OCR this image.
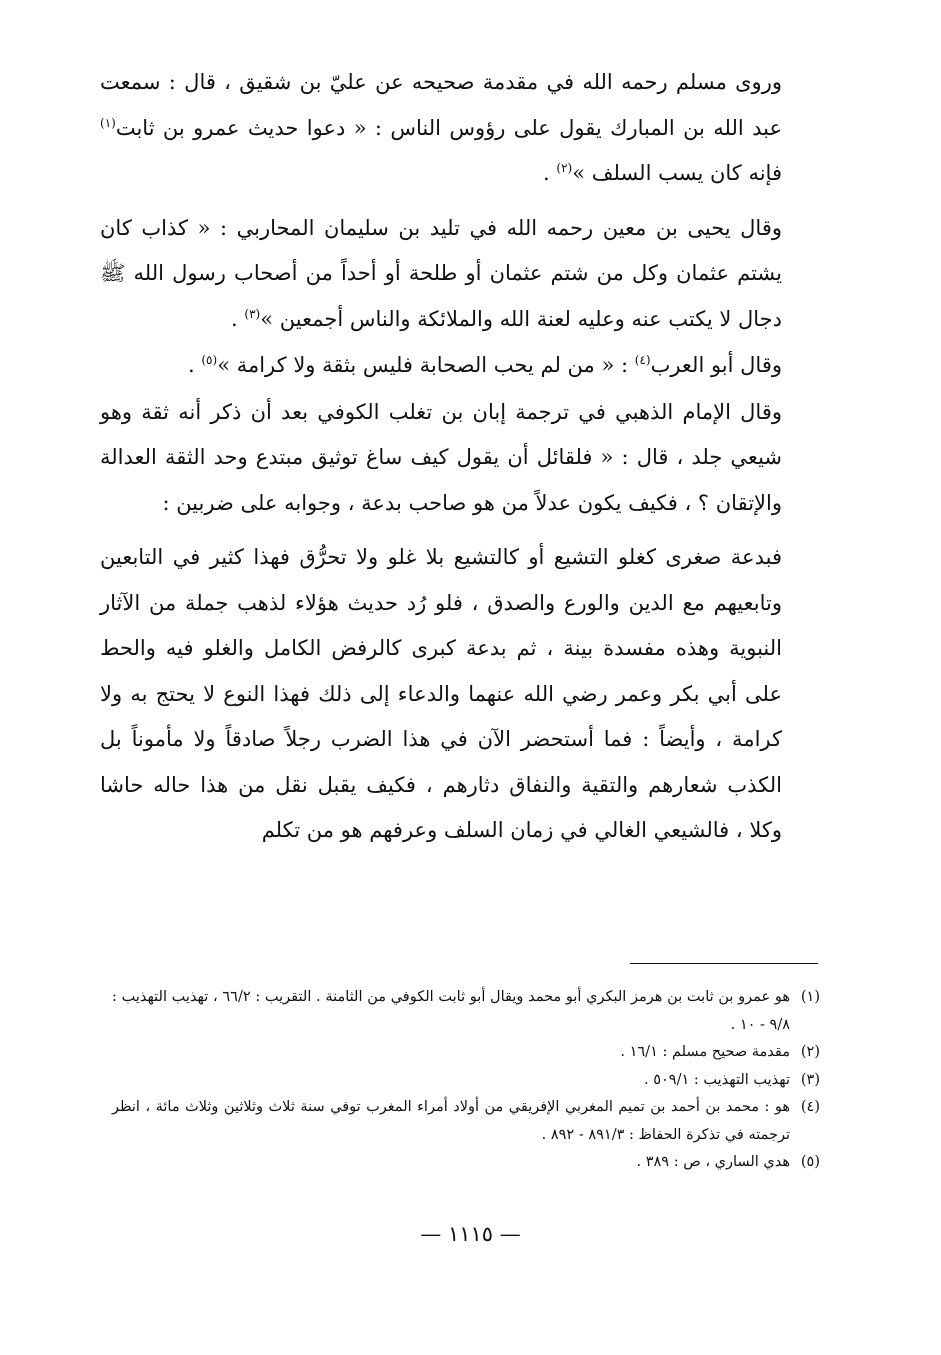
وروى مسلم رحمه الله في مقدمة صحيحه عن عليّ بن شقيق ، قال : سمعت عبد الله بن المبارك يقول على رؤوس الناس : « دعوا حديث عمرو بن ثابت$^{(١)}$ فإنه كان يسب السلف »$^{(٢)}$ .

وقال يحيى بن معين رحمه الله في تليد بن سليمان المحاربي : « كذاب كان يشتم عثمان وكل من شتم عثمان أو طلحة أو أحداً من أصحاب رسول الله ﷺ دجال لا يكتب عنه وعليه لعنة الله والملائكة والناس أجمعين »$^{(٣)}$ .

وقال أبو العرب$^{(٤)}$ : « من لم يحب الصحابة فليس بثقة ولا كرامة »$^{(٥)}$ .

وقال الإمام الذهبي في ترجمة إبان بن تغلب الكوفي بعد أن ذكر أنه ثقة وهو شيعي جلد ، قال : « فلقائل أن يقول كيف ساغ توثيق مبتدع وحد الثقة العدالة والإتقان ؟ ، فكيف يكون عدلاً من هو صاحب بدعة ، وجوابه على ضربين :

فبدعة صغرى كغلو التشيع أو كالتشيع بلا غلو ولا تحرُّق فهذا كثير في التابعين وتابعيهم مع الدين والورع والصدق ، فلو رُد حديث هؤلاء لذهب جملة من الآثار النبوية وهذه مفسدة بينة ، ثم بدعة كبرى كالرفض الكامل والغلو فيه والحط على أبي بكر وعمر رضي الله عنهما والدعاء إلى ذلك فهذا النوع لا يحتج به ولا كرامة ، وأيضاً : فما أستحضر الآن في هذا الضرب رجلاً صادقاً ولا مأموناً بل الكذب شعارهم والتقية والنفاق دثارهم ، فكيف يقبل نقل من هذا حاله حاشا وكلا ، فالشيعي الغالي في زمان السلف وعرفهم هو من تكلم

(١)
هو عمرو بن ثابت بن هرمز البكري أبو محمد ويقال أبو ثابت الكوفي من الثامنة . التقريب : ٦٦/٢ ، تهذيب التهذيب : ٩/٨ - ١٠ .
(٢)
مقدمة صحيح مسلم : ١٦/١ .
(٣)
تهذيب التهذيب : ٥٠٩/١ .
(٤)
هو : محمد بن أحمد بن تميم المغربي الإفريقي من أولاد أمراء المغرب توفي سنة ثلاث وثلاثين وثلاث مائة ، انظر ترجمته في تذكرة الحفاظ : ٨٩١/٣ - ٨٩٢ .
(٥)
هدي الساري ، ص : ٣٨٩ .
— ١١١٥ —
